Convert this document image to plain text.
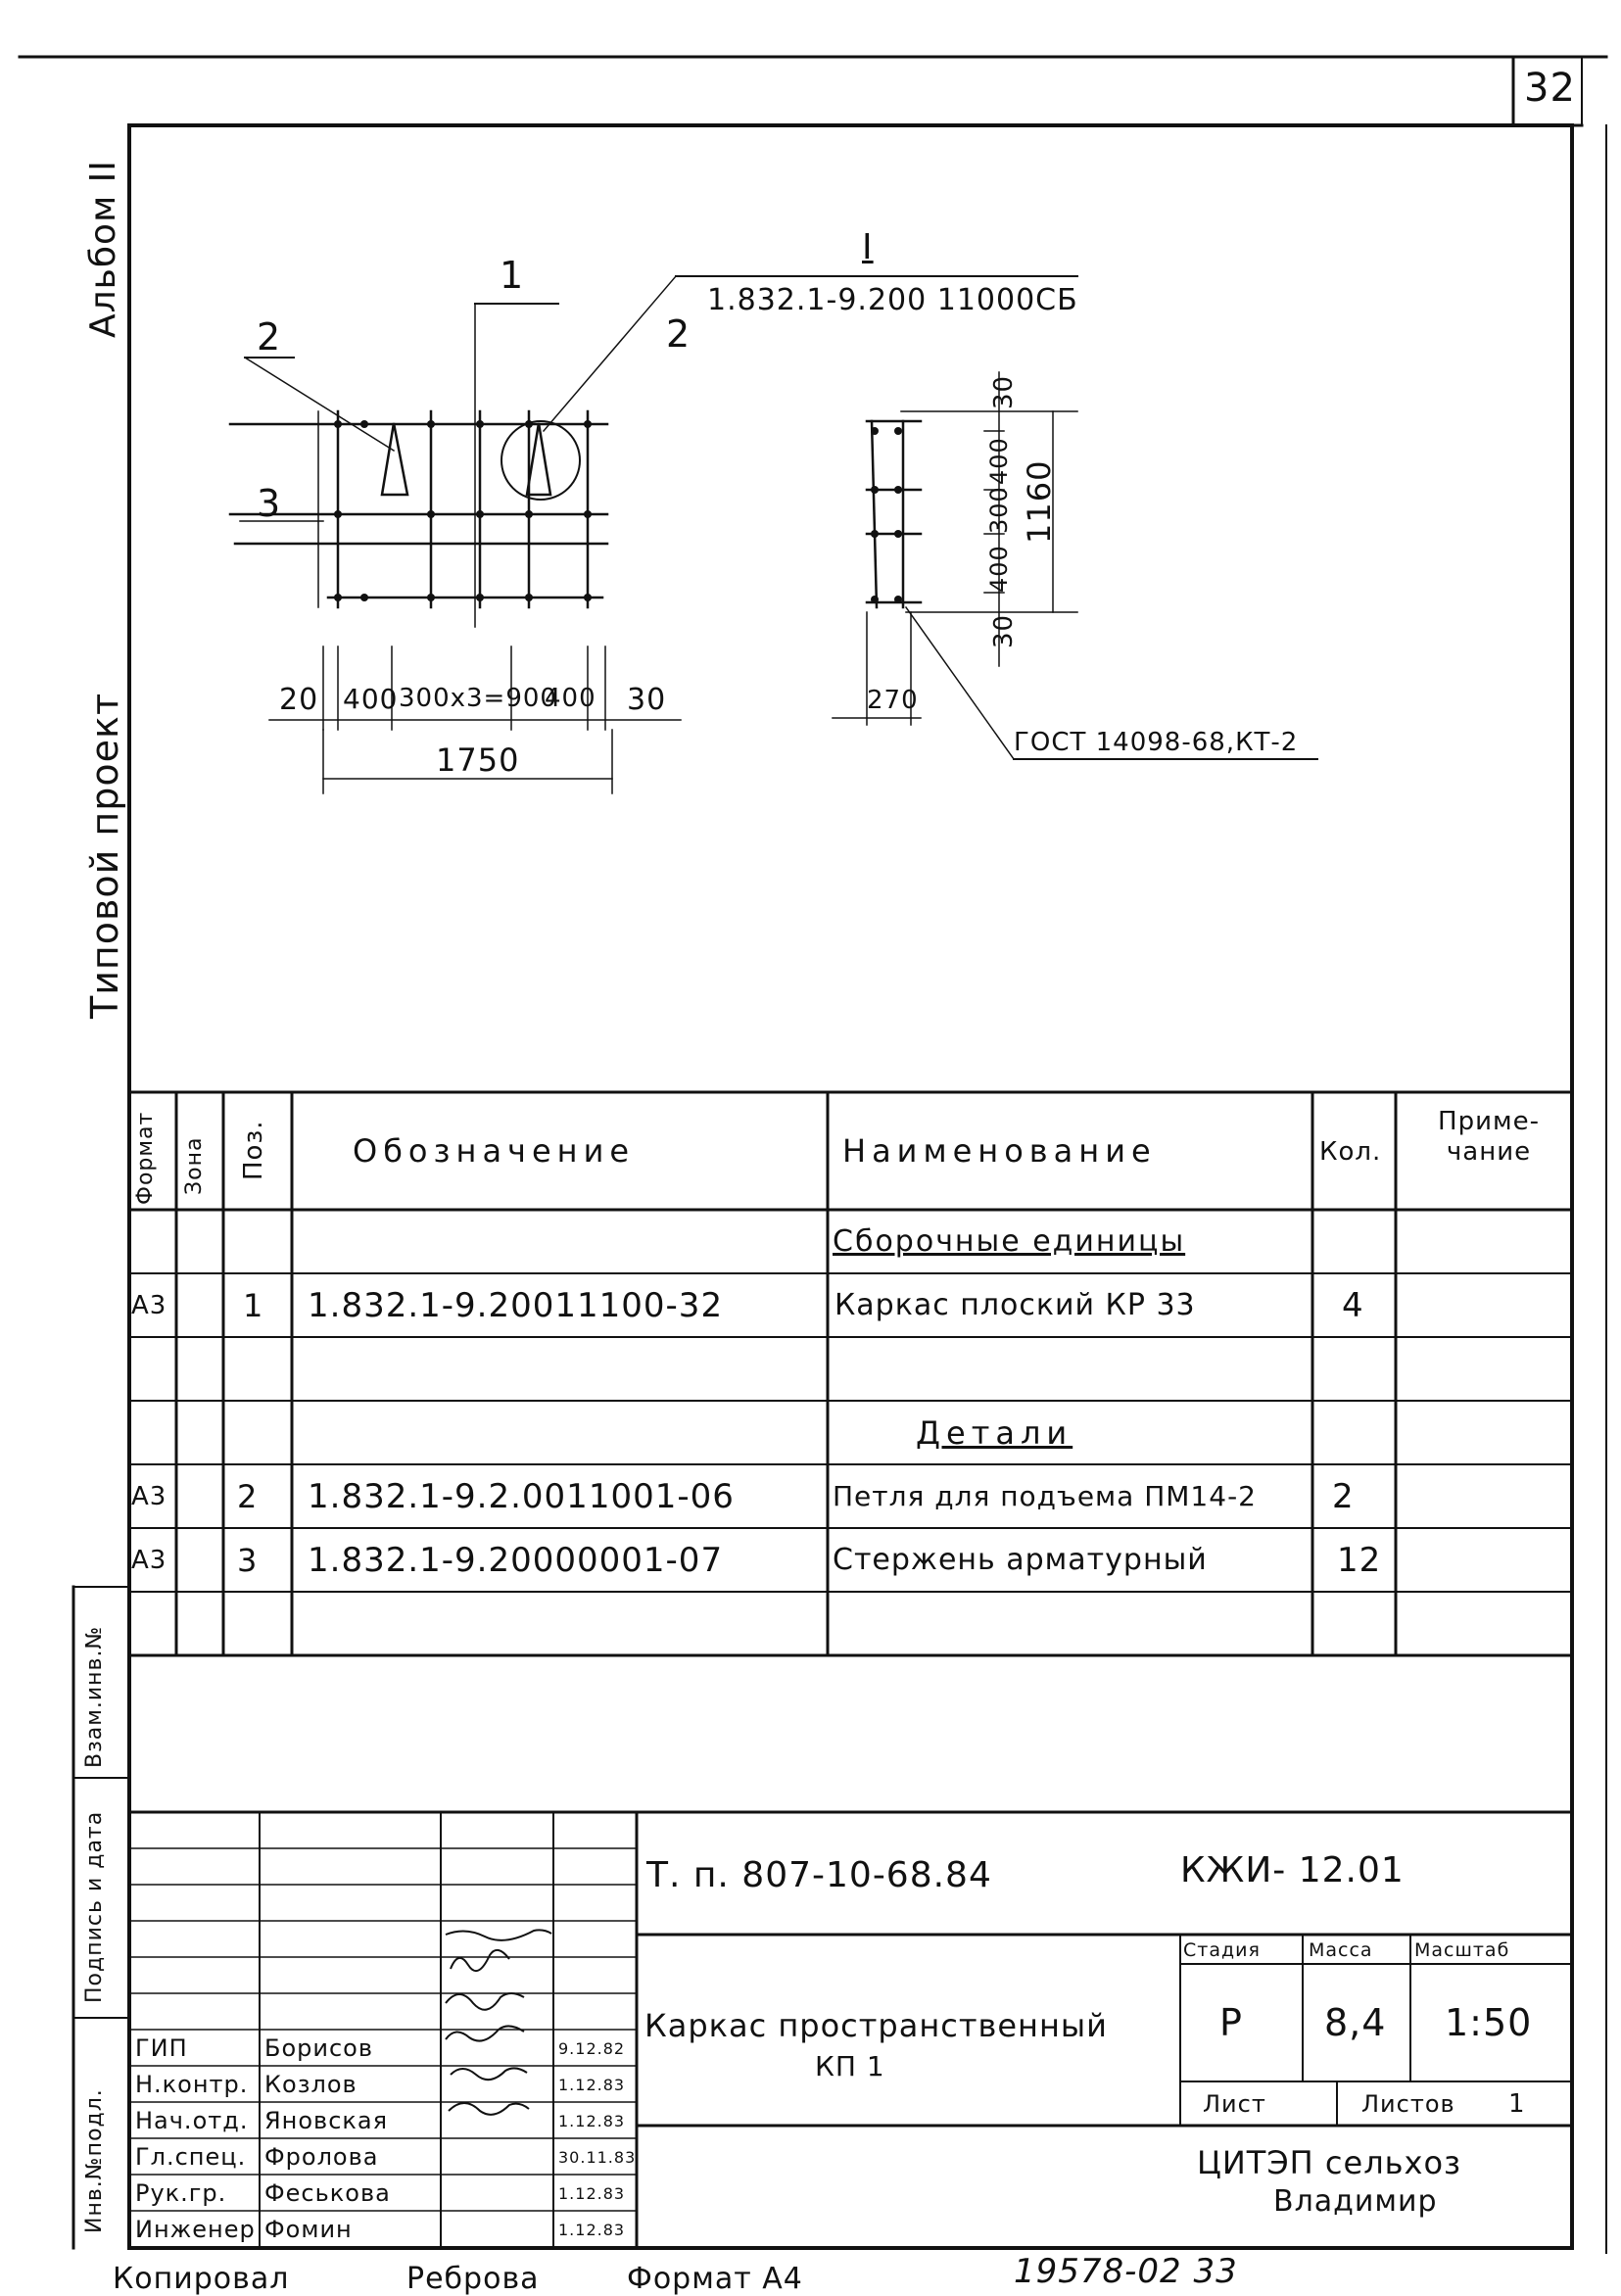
32
Альбом II
Типовой проект
I
1.832.1-9.200 11000СБ
1
2	2
3
20 400 300x3=900
400 30
1750
30
400
300
400
30
1160
270
ГОСТ 14098-68,КТ-2
Формат Зона Поз.	Обозначение	Наименование	Кол.
Приме- чание
Сборочные единицы
А3 1 1.832.1-9.20011100-32	Каркас плоский КР 33	4
Детали
А3 2 1.832.1-9.2.0011001-06	Петля для подъема ПМ14-2 2
А3 3 1.832.1-9.20000001-07	Стержень арматурный	12
Инв.№подл.
Подпись и дата
Взам.инв.№
Т. п. 807-10-68.84	КЖИ- 12.01
Каркас пространственный
КП 1
Стадия	Масса Масштаб
Р 8,4 1:50
Лист	Листов 1
ЦИТЭП сельхоз
Владимир
ГИП	Борисов	9.12.82
Н.контр. Козлов	1.12.83
Нач.отд. Яновская	1.12.83
Гл.спец. Фролова	30.11.83
Рук.гр. Феськова	1.12.83
Инженер Фомин	1.12.83
Копировал	Реброва	Формат А4	19578-02 33
